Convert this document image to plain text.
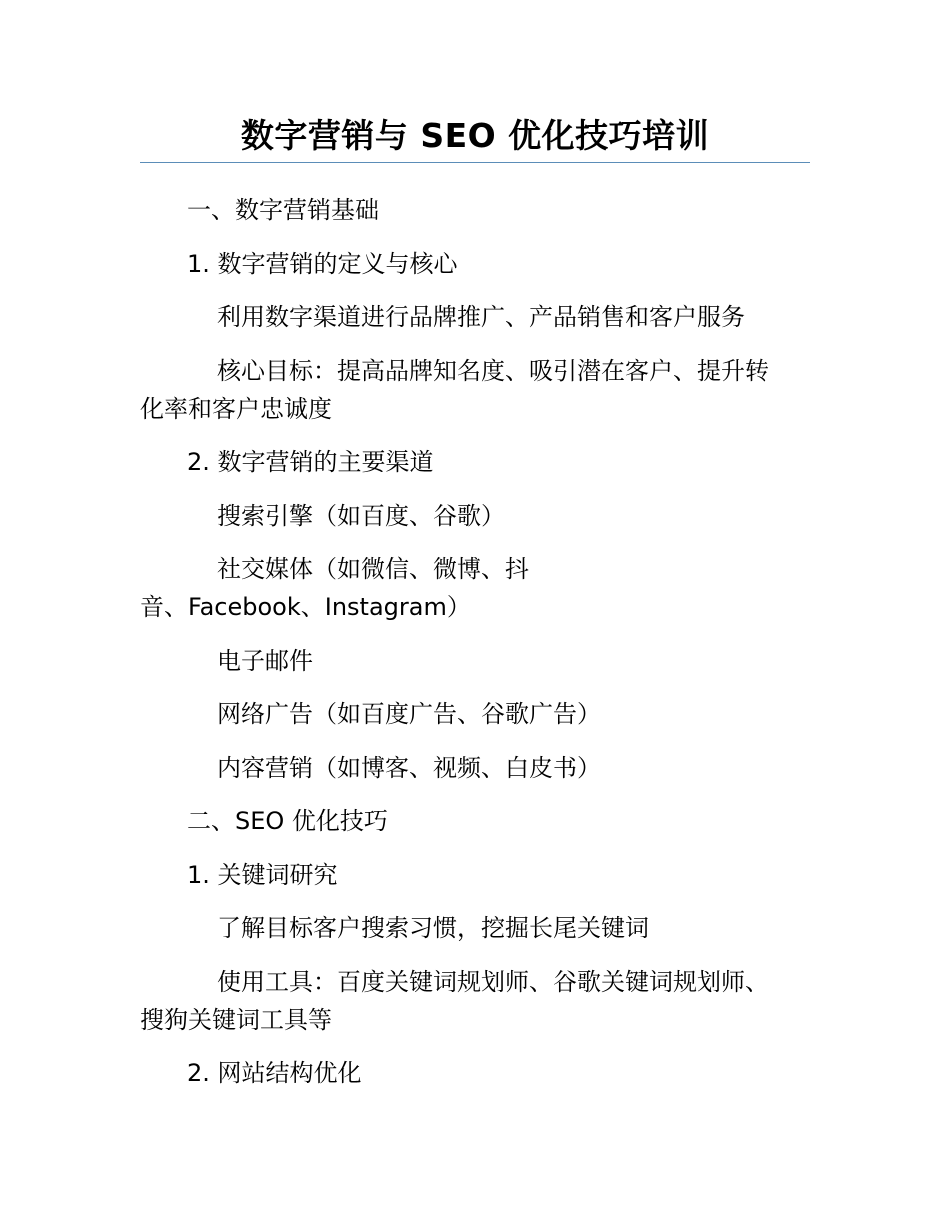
数字营销与 SEO 优化技巧培训

一、数字营销基础

1. 数字营销的定义与核心

利用数字渠道进行品牌推广、产品销售和客户服务

核心目标：提高品牌知名度、吸引潜在客户、提升转
化率和客户忠诚度

2. 数字营销的主要渠道

搜索引擎（如百度、谷歌）

社交媒体（如微信、微博、抖
音、Facebook、Instagram）

电子邮件

网络广告（如百度广告、谷歌广告）

内容营销（如博客、视频、白皮书）

二、SEO 优化技巧

1. 关键词研究

了解目标客户搜索习惯，挖掘长尾关键词

使用工具：百度关键词规划师、谷歌关键词规划师、
搜狗关键词工具等

2. 网站结构优化
